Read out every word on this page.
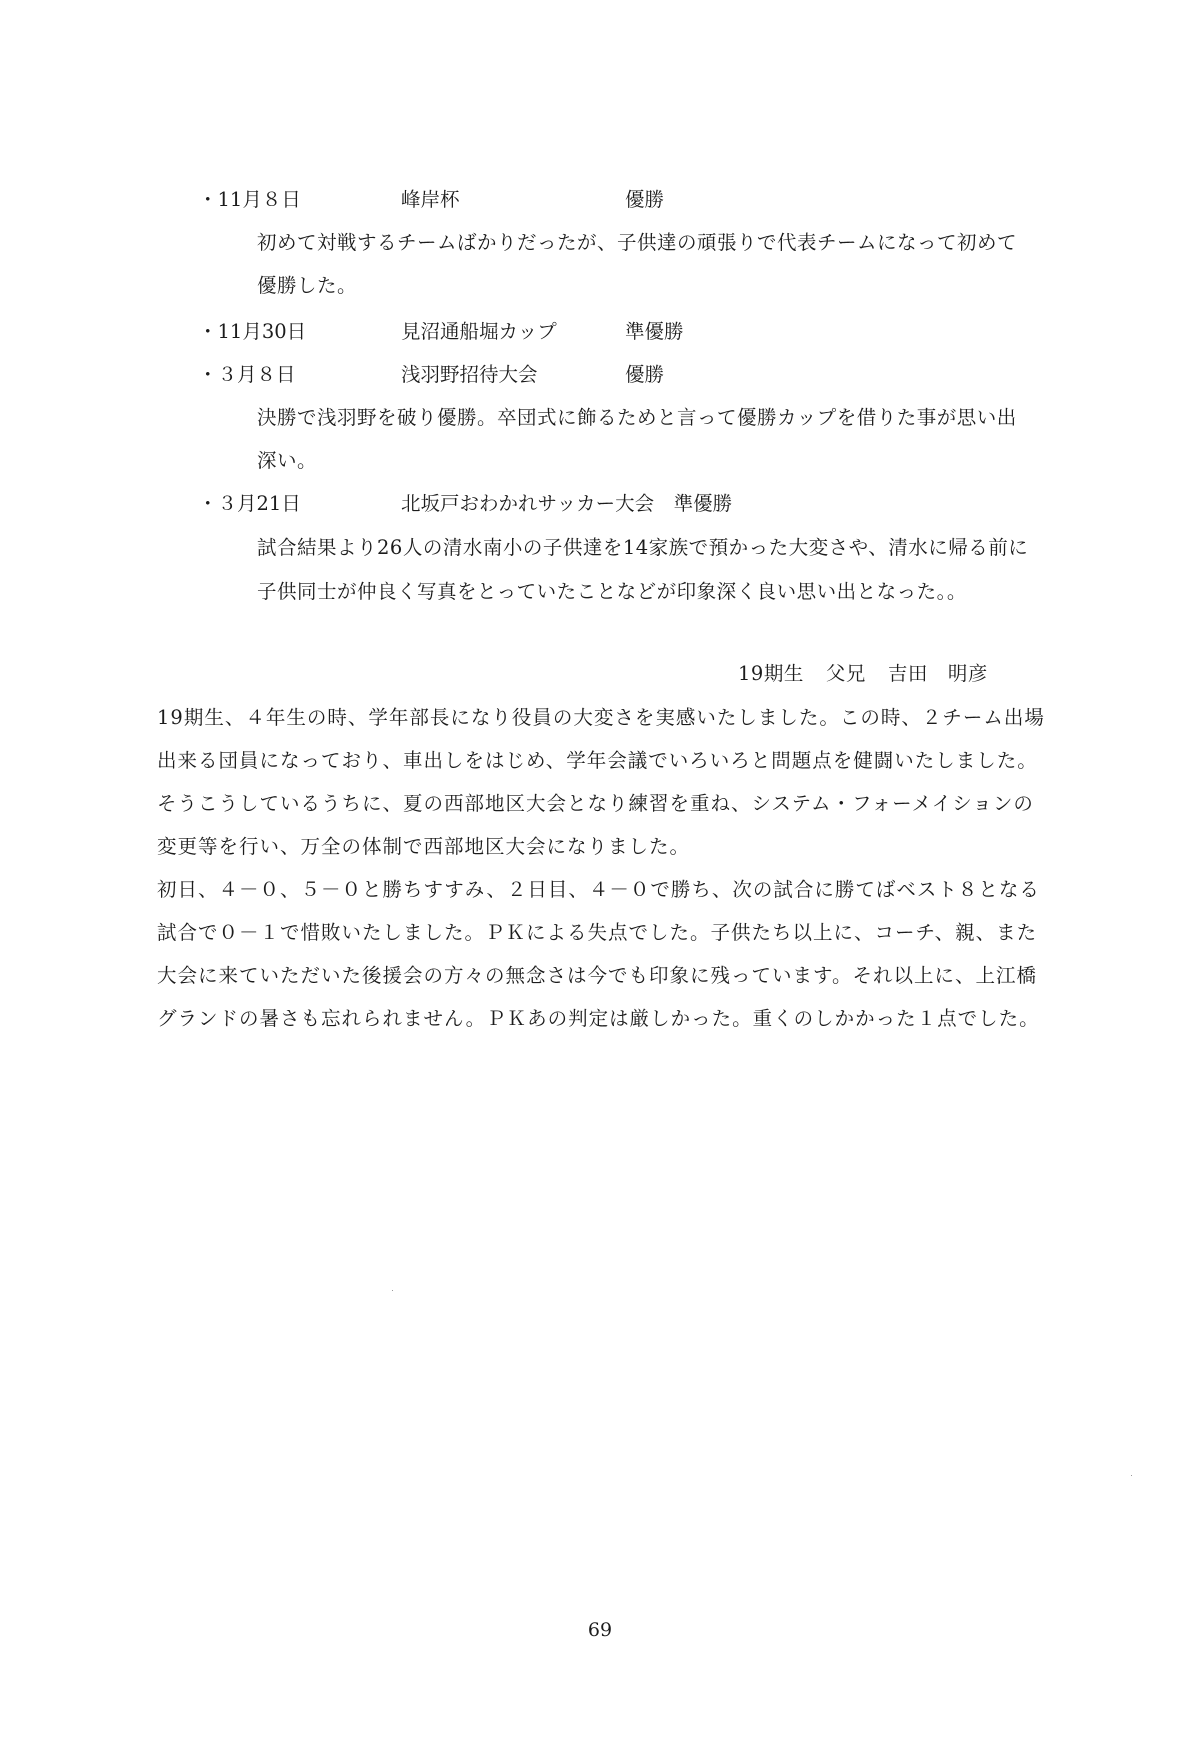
・11月８日	峰岸杯	優勝
初めて対戦するチームばかりだったが、子供達の頑張りで代表チームになって初めて
優勝した。
・11月30日	見沼通船堀カップ	準優勝
・３月８日	浅羽野招待大会	優勝
決勝で浅羽野を破り優勝。卒団式に飾るためと言って優勝カップを借りた事が思い出
深い。
・３月21日	北坂戸おわかれサッカー大会　準優勝
試合結果より26人の清水南小の子供達を14家族で預かった大変さや、清水に帰る前に
子供同士が仲良く写真をとっていたことなどが印象深く良い思い出となった。。
19期生 父兄 吉田　明彦
19期生、４年生の時、学年部長になり役員の大変さを実感いたしました。この時、２チーム出場
出来る団員になっており、車出しをはじめ、学年会議でいろいろと問題点を健闘いたしました。
そうこうしているうちに、夏の西部地区大会となり練習を重ね、システム・フォーメイションの
変更等を行い、万全の体制で西部地区大会になりました。
初日、４－０、５－０と勝ちすすみ、２日目、４－０で勝ち、次の試合に勝てばベスト８となる
試合で０－１で惜敗いたしました。ＰＫによる失点でした。子供たち以上に、コーチ、親、また
大会に来ていただいた後援会の方々の無念さは今でも印象に残っています。それ以上に、上江橋
グランドの暑さも忘れられません。ＰＫあの判定は厳しかった。重くのしかかった１点でした。
69
